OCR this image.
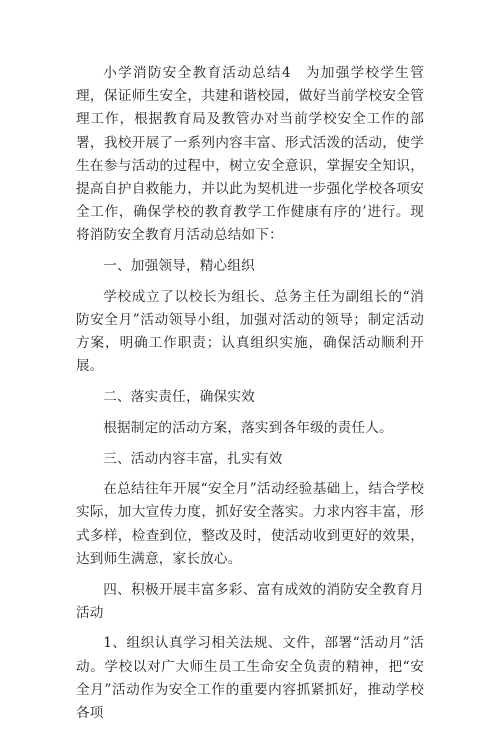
小学消防安全教育活动总结4 为加强学校学生管理，保证师生安全，共建和谐校园，做好当前学校安全管理工作，根据教育局及教管办对当前学校安全工作的部署，我校开展了一系列内容丰富、形式活泼的活动，使学生在参与活动的过程中，树立安全意识，掌握安全知识，提高自护自救能力，并以此为契机进一步强化学校各项安全工作，确保学校的教育教学工作健康有序的’进行。现将消防安全教育月活动总结如下：

一、加强领导，精心组织

学校成立了以校长为组长、总务主任为副组长的“消防安全月”活动领导小组，加强对活动的领导；制定活动方案，明确工作职责；认真组织实施，确保活动顺利开展。

二、落实责任，确保实效

根据制定的活动方案，落实到各年级的责任人。

三、活动内容丰富，扎实有效

在总结往年开展“安全月”活动经验基础上，结合学校实际，加大宣传力度，抓好安全落实。力求内容丰富，形式多样，检查到位，整改及时，使活动收到更好的效果，达到师生满意，家长放心。

四、积极开展丰富多彩、富有成效的消防安全教育月活动

1、组织认真学习相关法规、文件，部署“活动月”活动。学校以对广大师生员工生命安全负责的精神，把“安全月”活动作为安全工作的重要内容抓紧抓好，推动学校各项
